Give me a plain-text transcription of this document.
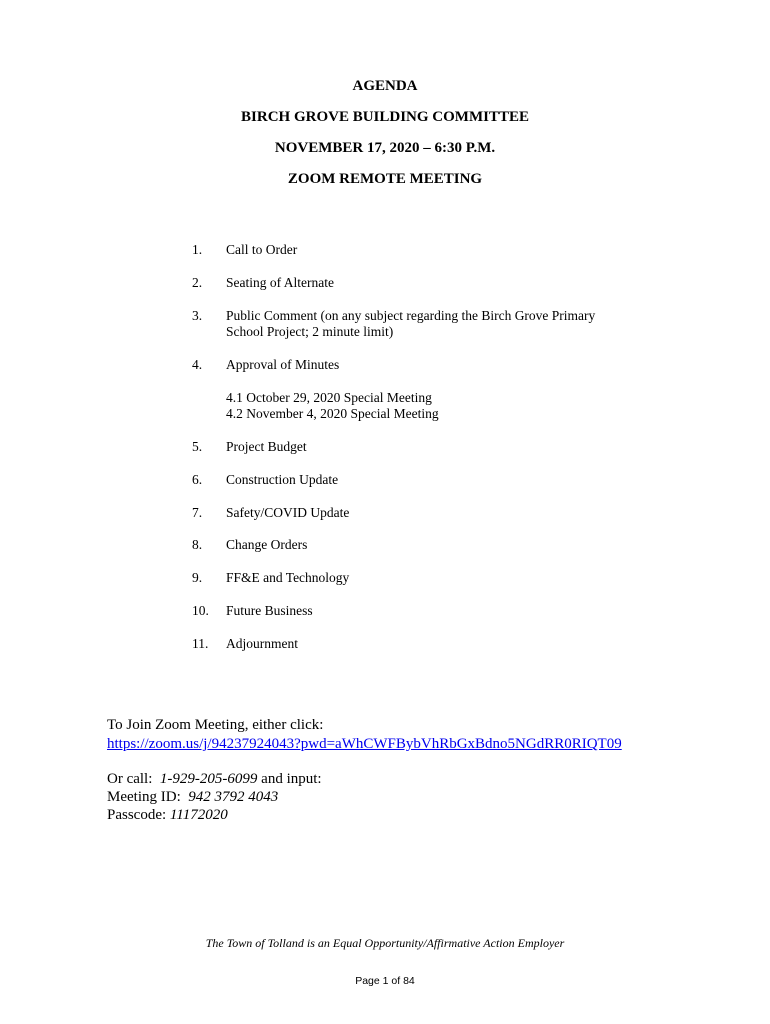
AGENDA
BIRCH GROVE BUILDING COMMITTEE
NOVEMBER 17, 2020 – 6:30 P.M.
ZOOM REMOTE MEETING
1.	Call to Order
2.	Seating of Alternate
3.	Public Comment (on any subject regarding the Birch Grove Primary
School Project; 2 minute limit)
4.	Approval of Minutes
4.1 October 29, 2020 Special Meeting
4.2 November 4, 2020 Special Meeting
5.	Project Budget
6.	Construction Update
7.	Safety/COVID Update
8.	Change Orders
9.	FF&E and Technology
10.	Future Business
11.	Adjournment
To Join Zoom Meeting, either click:
https://zoom.us/j/94237924043?pwd=aWhCWFBybVhRbGxBdno5NGdRR0RIQT09
Or call:  1-929-205-6099 and input:
Meeting ID:  942 3792 4043
Passcode: 11172020
The Town of Tolland is an Equal Opportunity/Affirmative Action Employer
Page 1 of 84
